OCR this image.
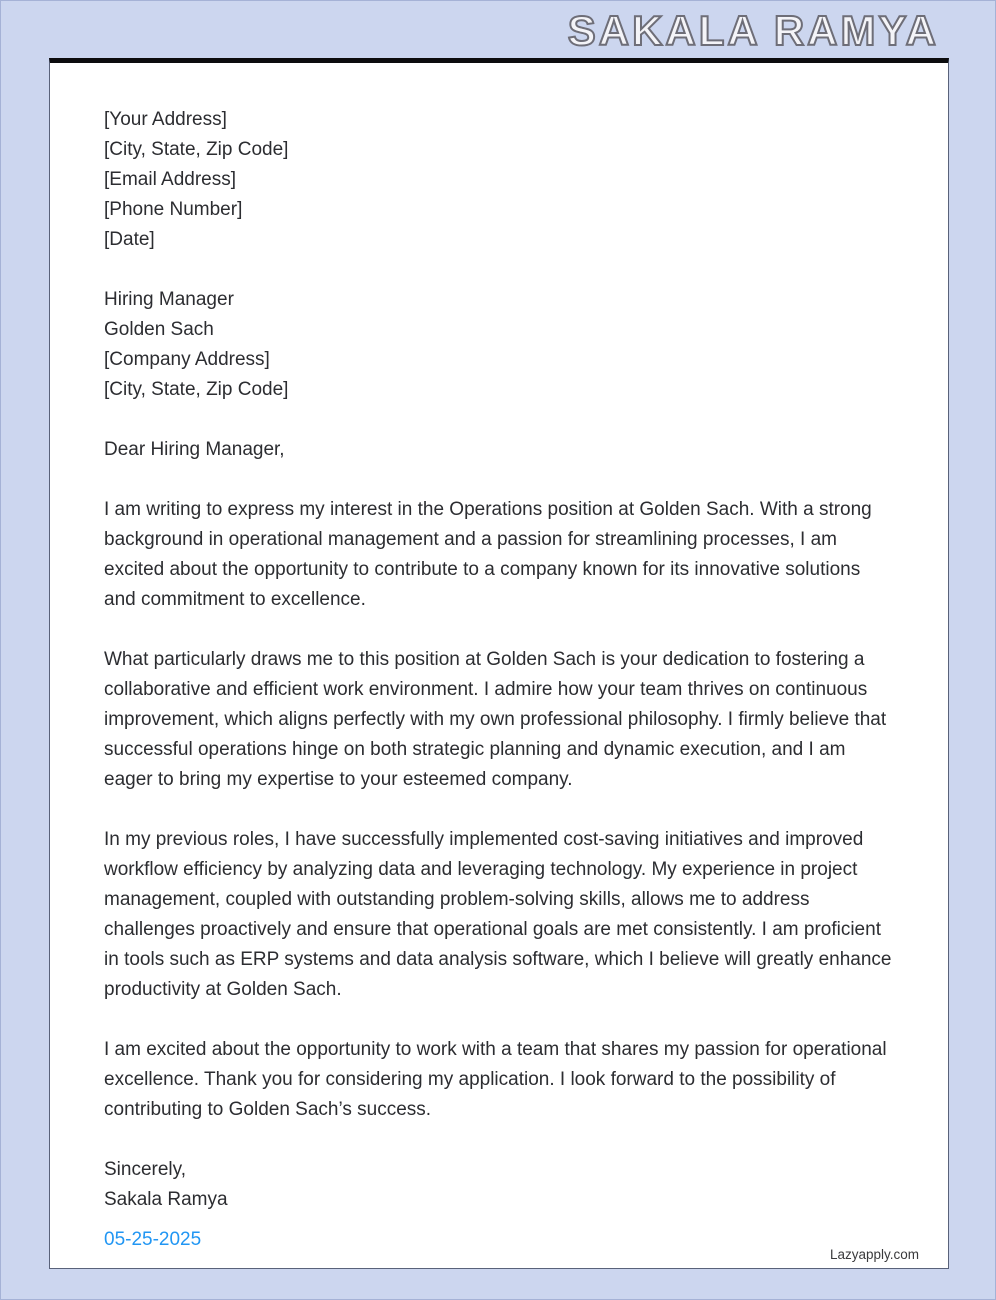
SAKALA RAMYA
[Your Address]
[City, State, Zip Code]
[Email Address]
[Phone Number]
[Date]
Hiring Manager
Golden Sach
[Company Address]
[City, State, Zip Code]
Dear Hiring Manager,

I am writing to express my interest in the Operations position at Golden Sach. With a strong background in operational management and a passion for streamlining processes, I am excited about the opportunity to contribute to a company known for its innovative solutions and commitment to excellence.

What particularly draws me to this position at Golden Sach is your dedication to fostering a collaborative and efficient work environment. I admire how your team thrives on continuous improvement, which aligns perfectly with my own professional philosophy. I firmly believe that successful operations hinge on both strategic planning and dynamic execution, and I am eager to bring my expertise to your esteemed company.

In my previous roles, I have successfully implemented cost-saving initiatives and improved workflow efficiency by analyzing data and leveraging technology. My experience in project management, coupled with outstanding problem-solving skills, allows me to address challenges proactively and ensure that operational goals are met consistently. I am proficient in tools such as ERP systems and data analysis software, which I believe will greatly enhance productivity at Golden Sach.

I am excited about the opportunity to work with a team that shares my passion for operational excellence. Thank you for considering my application. I look forward to the possibility of contributing to Golden Sach’s success.

Sincerely,
Sakala Ramya
05-25-2025
Lazyapply.com
